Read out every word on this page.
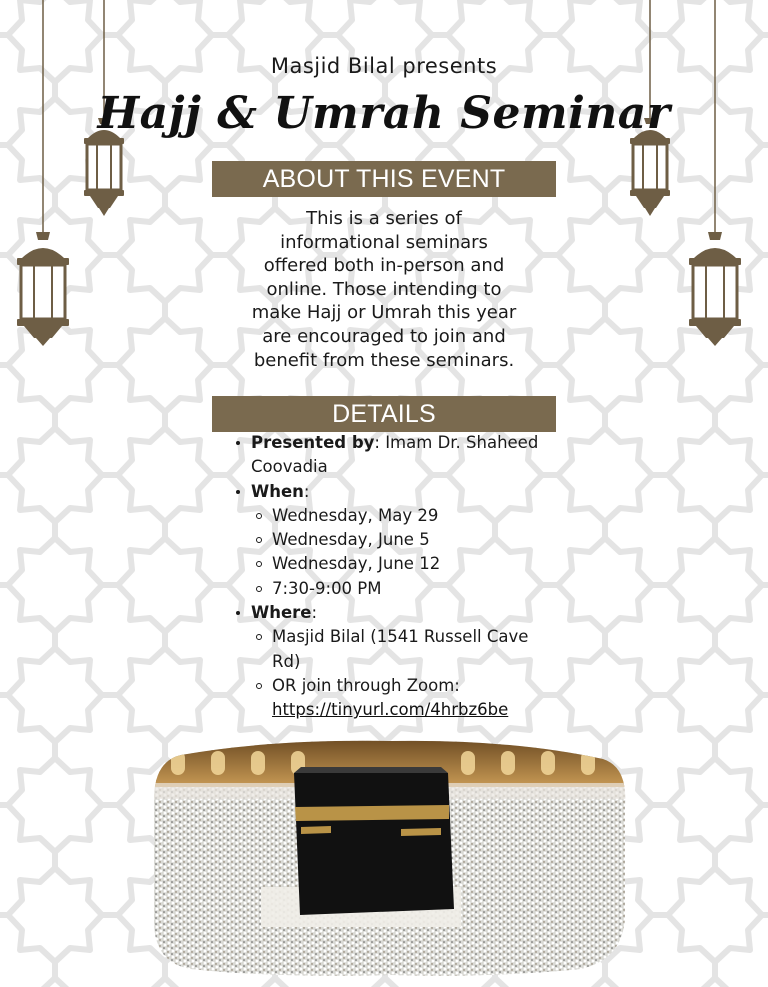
Masjid Bilal presents
Hajj & Umrah Seminar
ABOUT THIS EVENT
This is a series of
informational seminars
offered both in-person and
online. Those intending to
make Hajj or Umrah this year
are encouraged to join and
benefit from these seminars.
DETAILS
Presented by: Imam Dr. Shaheed
Coovadia
When:
Wednesday, May 29
Wednesday, June 5
Wednesday, June 12
7:30-9:00 PM
Where:
Masjid Bilal (1541 Russell Cave
Rd)
OR join through Zoom:
https://tinyurl.com/4hrbz6be
